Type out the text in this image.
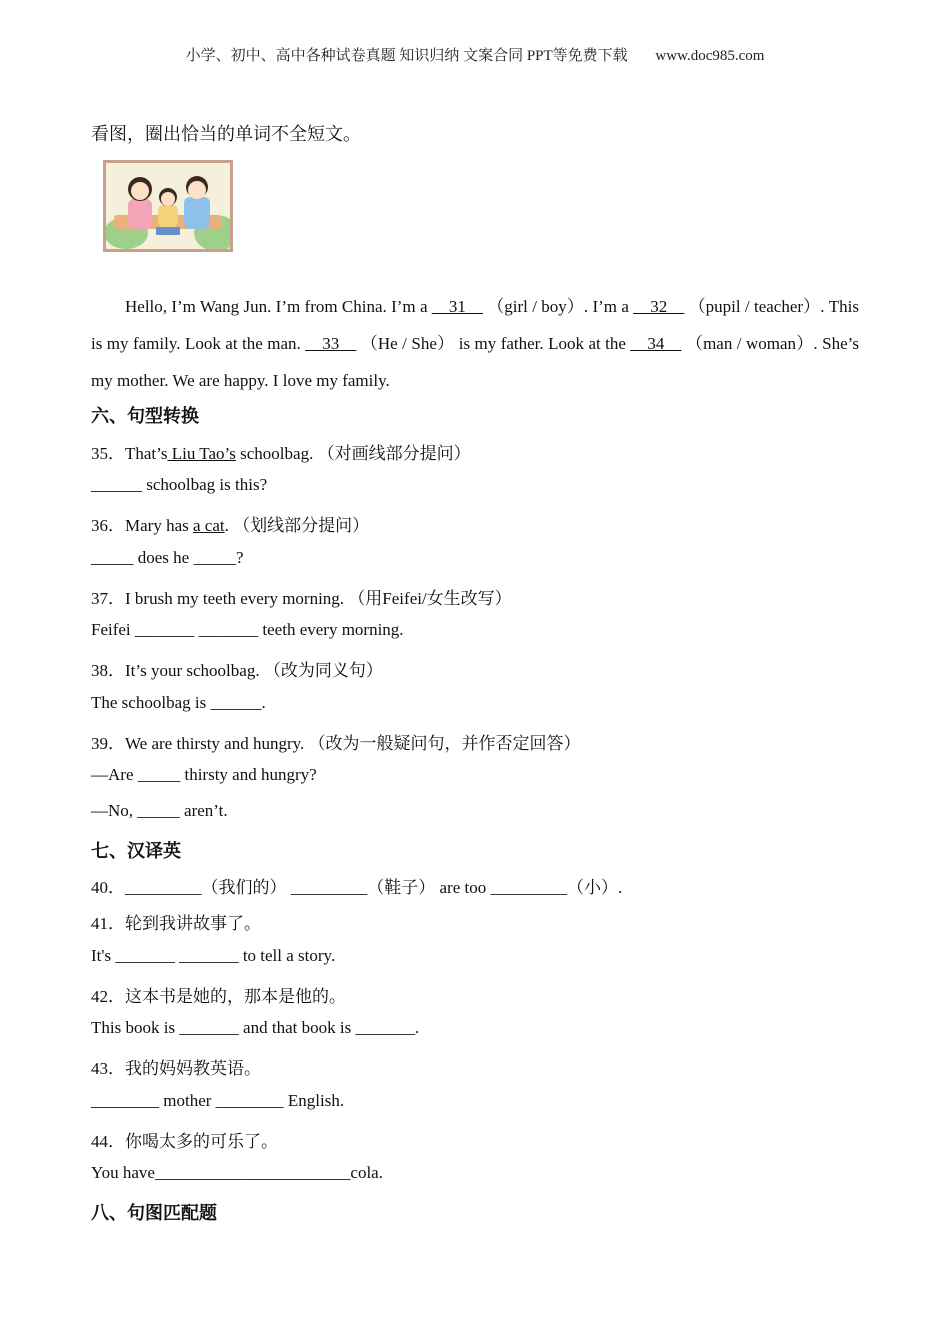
小学、初中、高中各种试卷真题 知识归纳 文案合同 PPT等免费下载 www.doc985.com
看图，圈出恰当的单词不全短文。
Hello, I’m Wang Jun. I’m from China. I’m a __31__ （girl / boy）. I’m a __32__ （pupil / teacher）. This is my family. Look at the man. __33__ （He / She） is my father. Look at the __34__ （man / woman）. She’s my mother. We are happy. I love my family.
六、句型转换
35．That’s Liu Tao’s schoolbag. （对画线部分提问）
______ schoolbag is this?
36．Mary has a cat. （划线部分提问）
_____ does he _____?
37．I brush my teeth every morning. （用Feifei/女生改写）
Feifei _______ _______ teeth every morning.
38．It’s your schoolbag. （改为同义句）
The schoolbag is ______.
39．We are thirsty and hungry. （改为一般疑问句，并作否定回答）
—Are _____ thirsty and hungry?
—No, _____ aren’t.
七、汉译英
40．_________（我们的） _________（鞋子） are too _________（小）.
41．轮到我讲故事了。
It's _______ _______ to tell a story.
42．这本书是她的，那本是他的。
This book is _______ and that book is _______.
43．我的妈妈教英语。
________ mother ________ English.
44．你喝太多的可乐了。
You have_______________________cola.
八、句图匹配题
